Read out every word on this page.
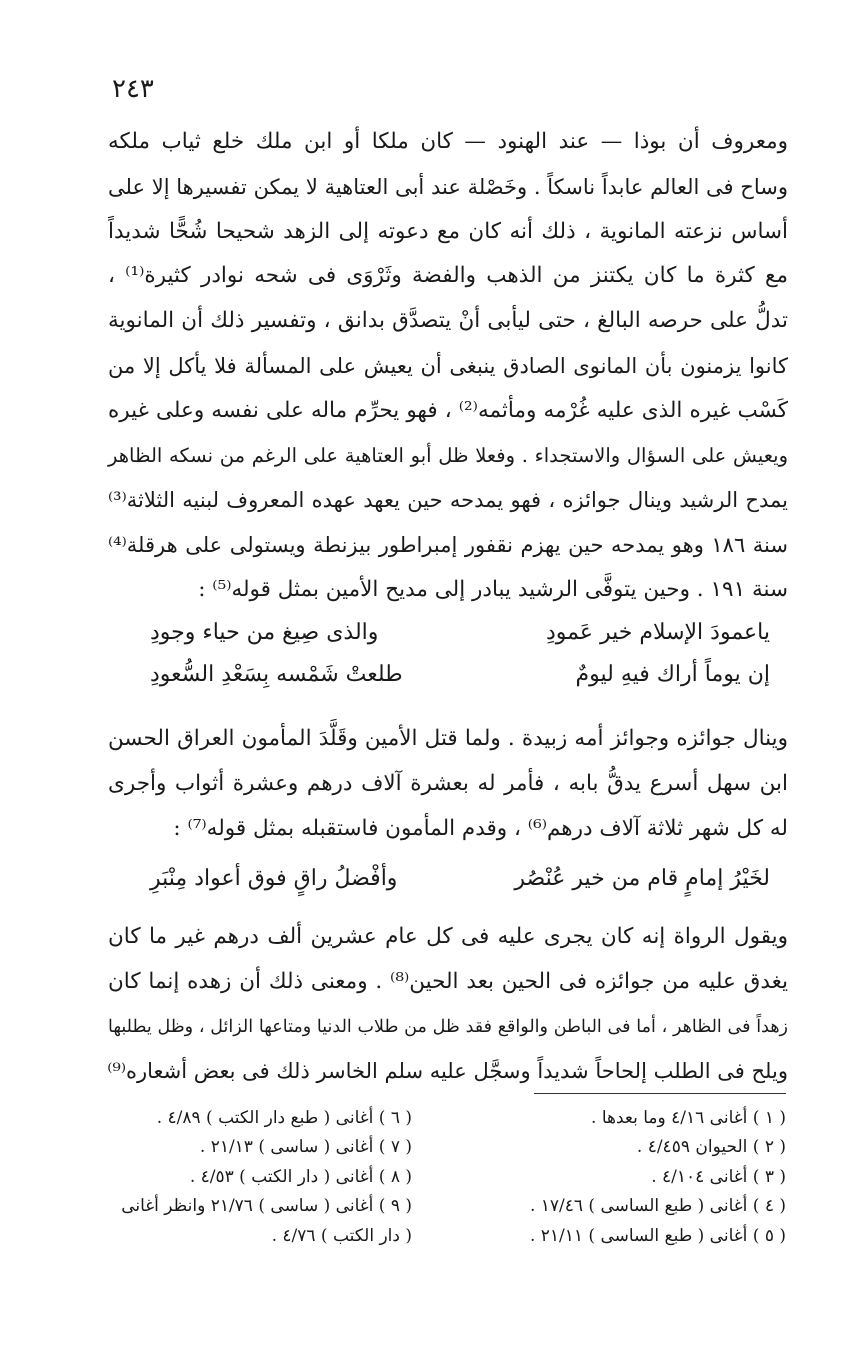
٢٤٣
ومعروف أن بوذا — عند الهنود — كان ملكا أو ابن ملك خلع ثياب ملكه
وساح فى العالم عابداً ناسكاً . وخَصْلة عند أبى العتاهية لا يمكن تفسيرها إلا على
أساس نزعته المانوية ، ذلك أنه كان مع دعوته إلى الزهد شحيحا شُحًّا شديداً
مع كثرة ما كان يكتنز من الذهب والفضة وثَرْوَى فى شحه نوادر كثيرة⁽¹⁾ ،
تدلُّ على حرصه البالغ ، حتى ليأبى أنْ يتصدَّق بدانق ، وتفسير ذلك أن المانوية
كانوا يزمنون بأن المانوى الصادق ينبغى أن يعيش على المسألة فلا يأكل إلا من
كَسْب غيره الذى عليه غُرْمه ومأثمه⁽²⁾ ، فهو يحرِّم ماله على نفسه وعلى غيره
ويعيش على السؤال والاستجداء . وفعلا ظل أبو العتاهية على الرغم من نسكه الظاهر
يمدح الرشيد وينال جوائزه ، فهو يمدحه حين يعهد عهده المعروف لبنيه الثلاثة⁽³⁾
سنة ١٨٦ وهو يمدحه حين يهزم نقفور إمبراطور بيزنطة ويستولى على هرقلة⁽⁴⁾
سنة ١٩١ . وحين يتوفَّى الرشيد يبادر إلى مديح الأمين بمثل قوله⁽⁵⁾ :
ياعمودَ الإسلام خير عَمودِ
والذى صِيغ من حياء وجودِ
إن يوماً أراك فيهِ ليومٌ
طلعتْ شَمْسه بِسَعْدِ السُّعودِ
وينال جوائزه وجوائز أمه زبيدة . ولما قتل الأمين وقَلَّدَ المأمون العراق الحسن
ابن سهل أسرع يدقُّ بابه ، فأمر له بعشرة آلاف درهم وعشرة أثواب وأجرى
له كل شهر ثلاثة آلاف درهم⁽⁶⁾ ، وقدم المأمون فاستقبله بمثل قوله⁽⁷⁾ :
لخَيْرُ إمامٍ قام من خير عُنْصُر
وأفْضلُ راقٍ فوق أعواد مِنْبَرِ
ويقول الرواة إنه كان يجرى عليه فى كل عام عشرين ألف درهم غير ما كان
يغدق عليه من جوائزه فى الحين بعد الحين⁽⁸⁾ . ومعنى ذلك أن زهده إنما كان
زهداً فى الظاهر ، أما فى الباطن والواقع فقد ظل من طلاب الدنيا ومتاعها الزائل ، وظل يطلبها
ويلح فى الطلب إلحاحاً شديداً وسجَّل عليه سلم الخاسر ذلك فى بعض أشعاره⁽⁹⁾
( ١ ) أغانى ٤/١٦ وما بعدها .
( ٢ ) الحيوان ٤/٤٥٩ .
( ٣ ) أغانى ٤/١٠٤ .
( ٤ ) أغانى ( طبع الساسى ) ١٧/٤٦ .
( ٥ ) أغانى ( طبع الساسى ) ٢١/١١ .
( ٦ ) أغانى ( طبع دار الكتب ) ٤/٨٩ .
( ٧ ) أغانى ( ساسى ) ٢١/١٣ .
( ٨ ) أغانى ( دار الكتب ) ٤/٥٣ .
( ٩ ) أغانى ( ساسى ) ٢١/٧٦ وانظر أغانى
( دار الكتب ) ٤/٧٦ .
